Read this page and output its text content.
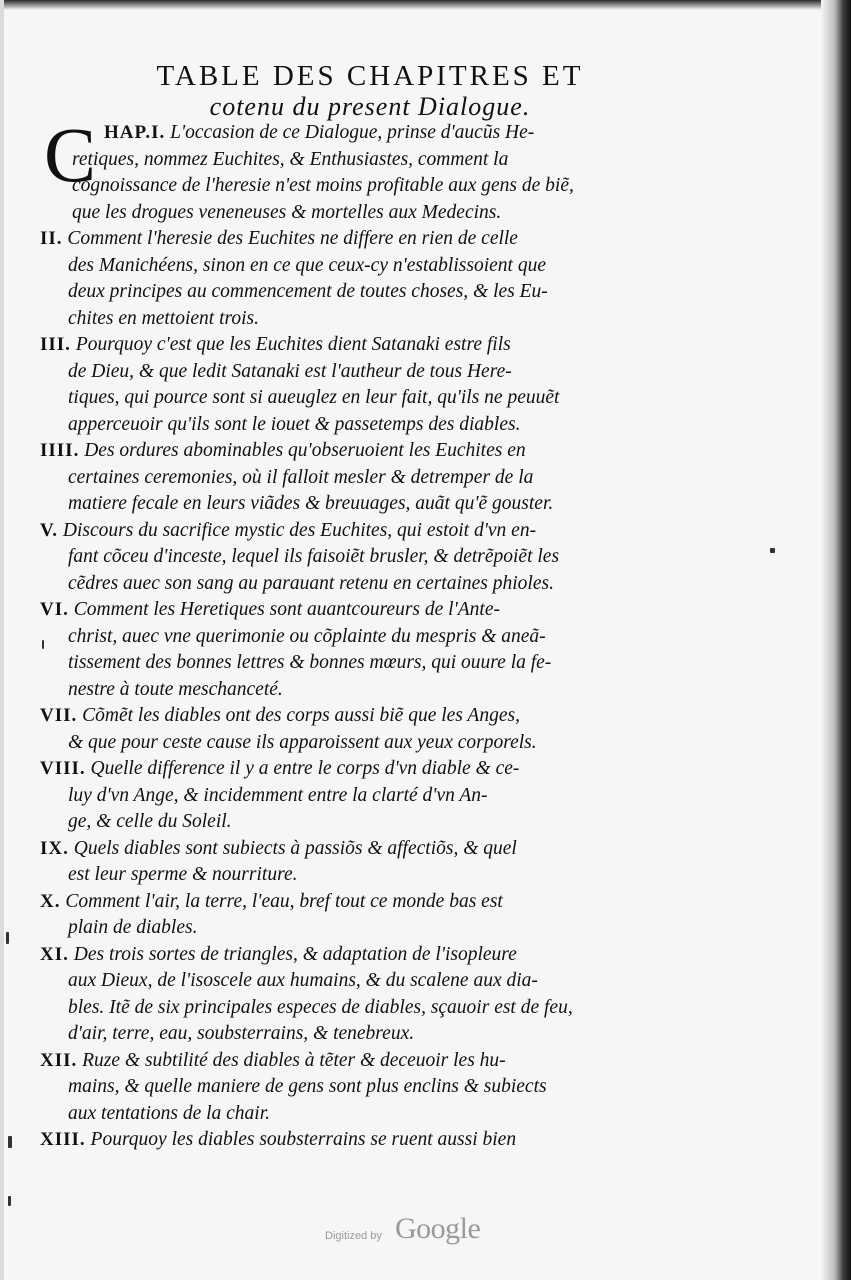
TABLE DES CHAPITRES ET
cotenu du present Dialogue.
C HAP.I. L'occasion de ce Dialogue, prinse d'aucũs He-
retiques, nommez Euchites, & Enthusiastes, comment la
cognoissance de l'heresie n'est moins profitable aux gens de biẽ,
que les drogues veneneuses & mortelles aux Medecins.
II. Comment l'heresie des Euchites ne differe en rien de celle
des Manichéens, sinon en ce que ceux-cy n'establissoient que
deux principes au commencement de toutes choses, & les Eu-
chites en mettoient trois.
III. Pourquoy c'est que les Euchites dient Satanaki estre fils
de Dieu, & que ledit Satanaki est l'autheur de tous Here-
tiques, qui pource sont si aueuglez en leur fait, qu'ils ne peuuẽt
apperceuoir qu'ils sont le iouet & passetemps des diables.
IIII. Des ordures abominables qu'obseruoient les Euchites en
certaines ceremonies, où il falloit mesler & detremper de la
matiere fecale en leurs viãdes & breuuages, auãt qu'ẽ gouster.
V. Discours du sacrifice mystic des Euchites, qui estoit d'vn en-
fant cõceu d'inceste, lequel ils faisoiẽt brusler, & detrẽpoiẽt les
cẽdres auec son sang au parauant retenu en certaines phioles.
VI. Comment les Heretiques sont auantcoureurs de l'Ante-
christ, auec vne querimonie ou cõplainte du mespris & aneã-
tissement des bonnes lettres & bonnes mœurs, qui ouure la fe-
nestre à toute meschanceté.
VII. Cõmẽt les diables ont des corps aussi biẽ que les Anges,
& que pour ceste cause ils apparoissent aux yeux corporels.
VIII. Quelle difference il y a entre le corps d'vn diable & ce-
luy d'vn Ange, & incidemment entre la clarté d'vn An-
ge, & celle du Soleil.
IX. Quels diables sont subiects à passiõs & affectiõs, & quel
est leur sperme & nourriture.
X. Comment l'air, la terre, l'eau, bref tout ce monde bas est
plain de diables.
XI. Des trois sortes de triangles, & adaptation de l'isopleure
aux Dieux, de l'isoscele aux humains, & du scalene aux dia-
bles. Itẽ de six principales especes de diables, sçauoir est de feu,
d'air, terre, eau, soubsterrains, & tenebreux.
XII. Ruze & subtilité des diables à tẽter & deceuoir les hu-
mains, & quelle maniere de gens sont plus enclins & subiects
aux tentations de la chair.
XIII. Pourquoy les diables soubsterrains se ruent aussi bien
Digitized by Google
